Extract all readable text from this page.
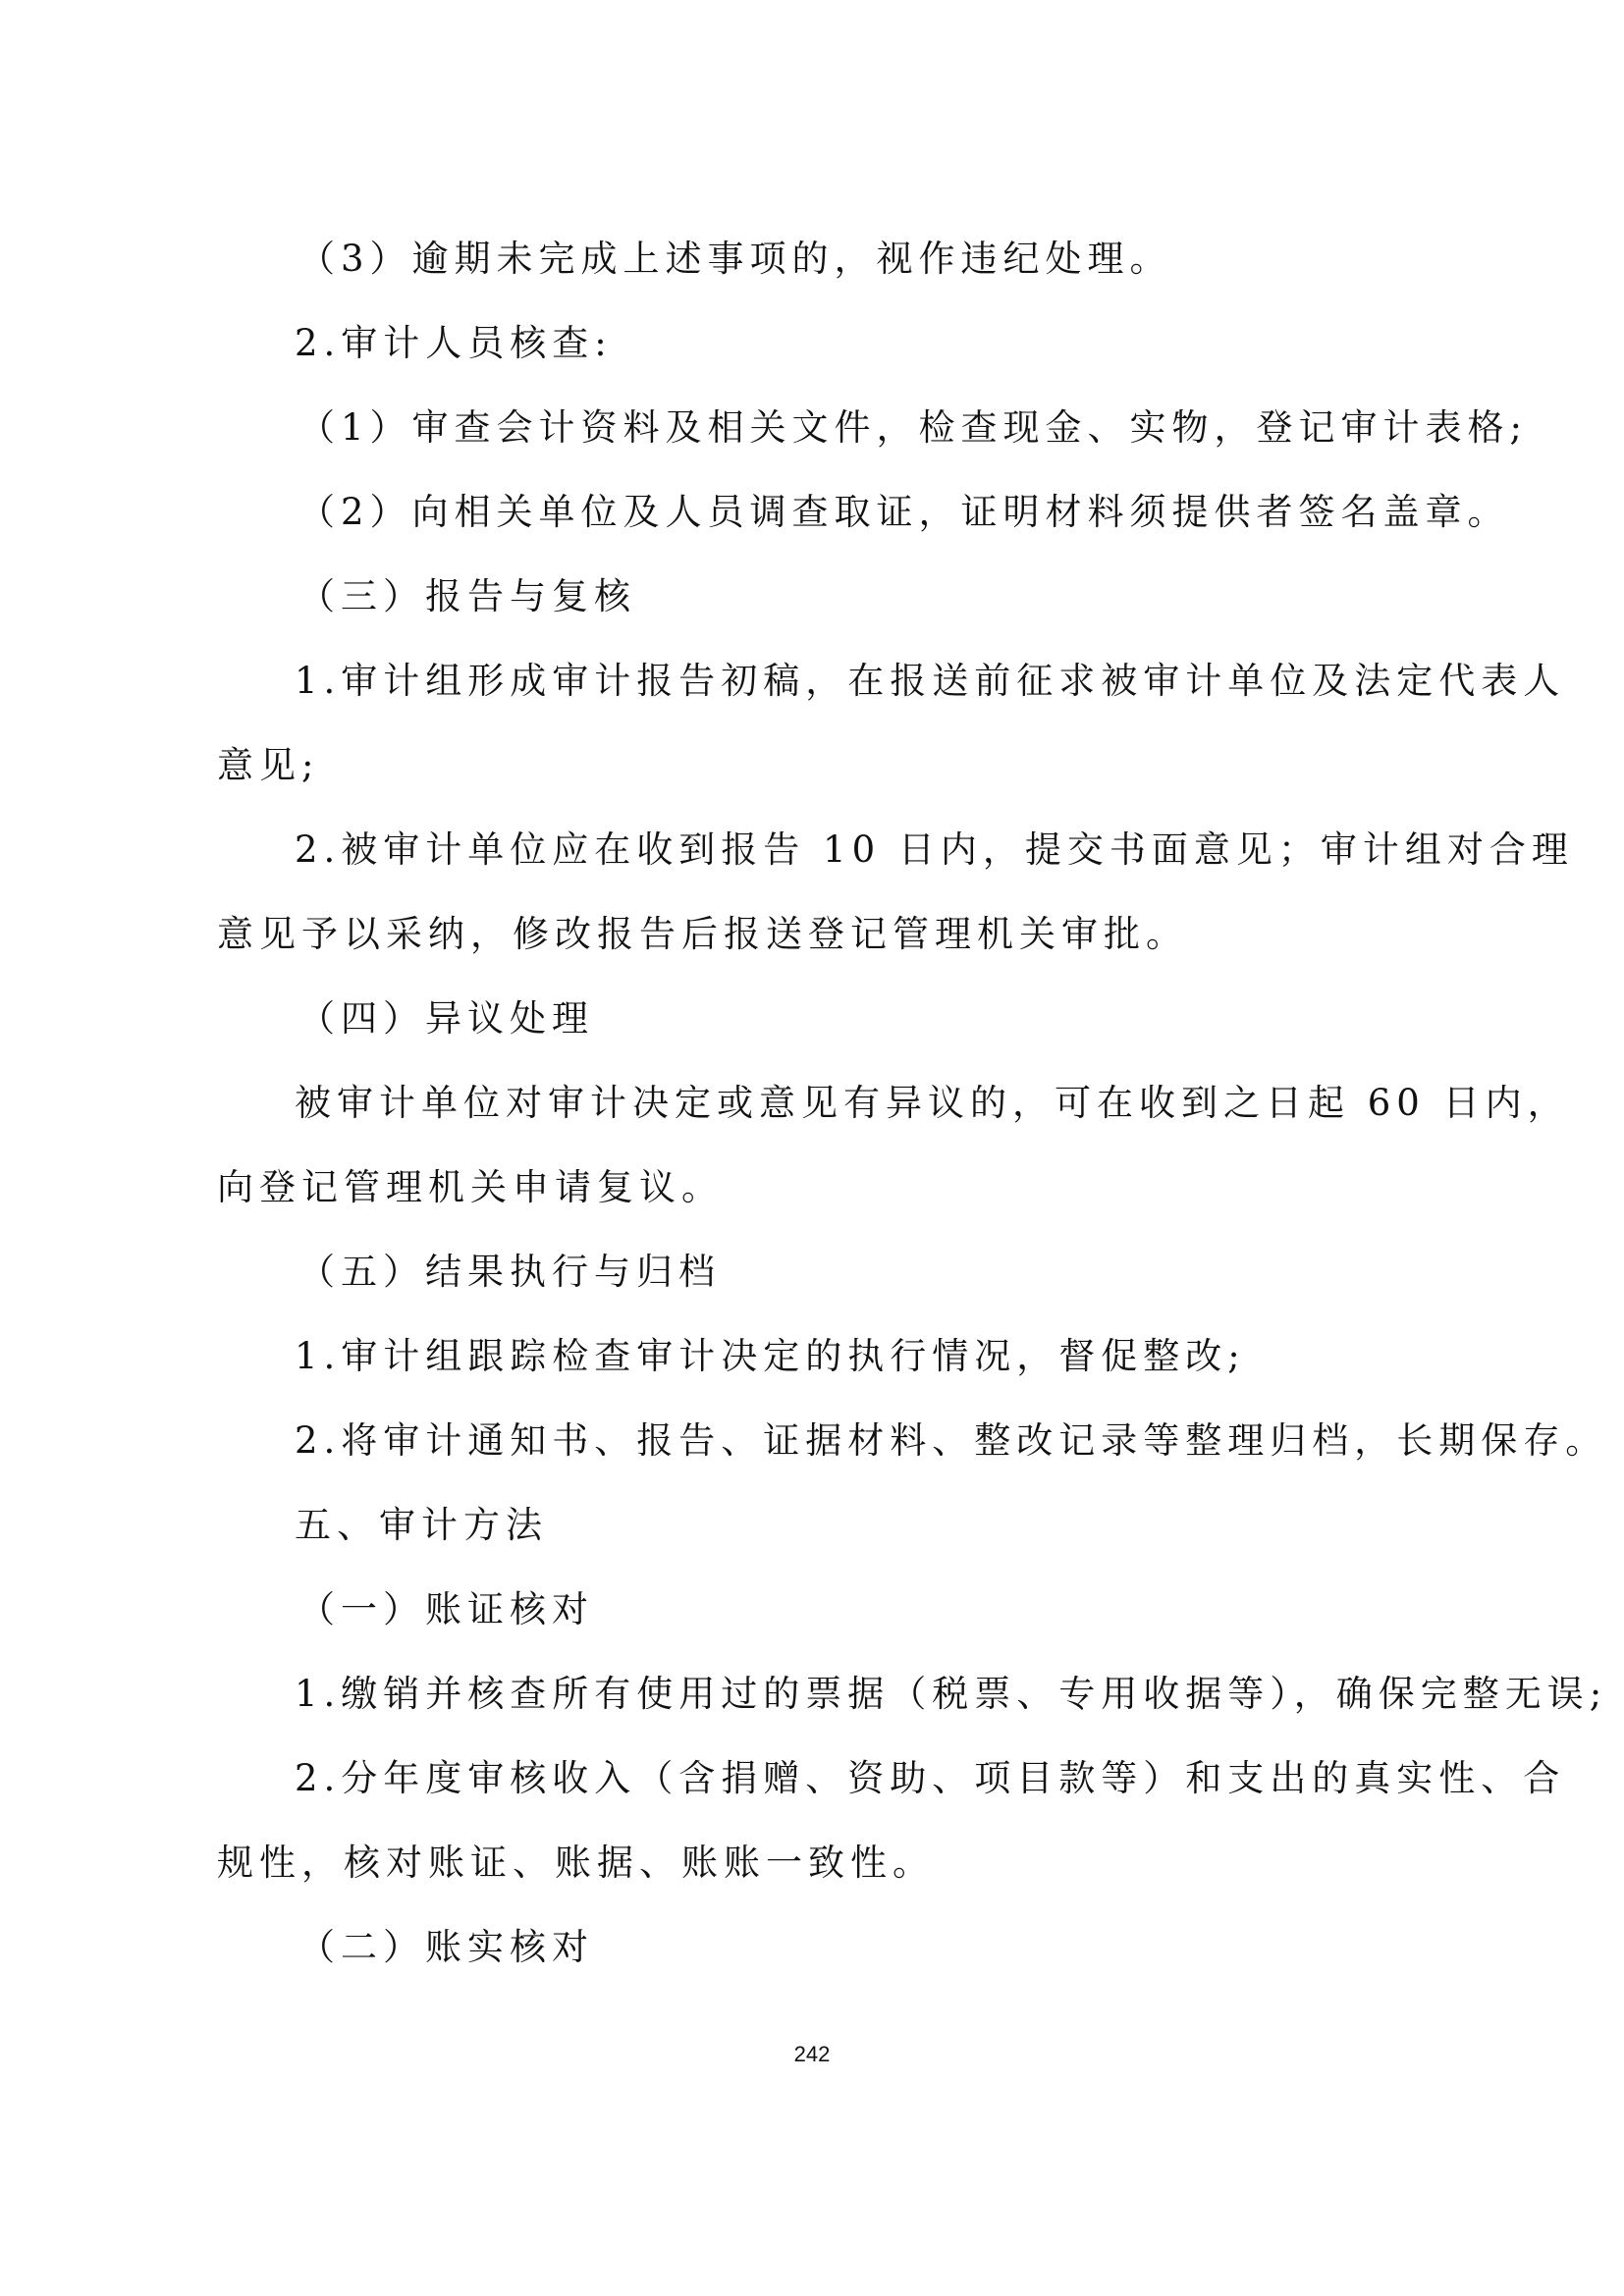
（3）逾期未完成上述事项的，视作违纪处理。
2.审计人员核查:
（1）审查会计资料及相关文件，检查现金、实物，登记审计表格;
（2）向相关单位及人员调查取证，证明材料须提供者签名盖章。
（三）报告与复核
1.审计组形成审计报告初稿，在报送前征求被审计单位及法定代表人
意见;
2.被审计单位应在收到报告 10 日内，提交书面意见；审计组对合理
意见予以采纳，修改报告后报送登记管理机关审批。
（四）异议处理
被审计单位对审计决定或意见有异议的，可在收到之日起 60 日内，
向登记管理机关申请复议。
（五）结果执行与归档
1.审计组跟踪检查审计决定的执行情况，督促整改;
2.将审计通知书、报告、证据材料、整改记录等整理归档，长期保存。
五、审计方法
（一）账证核对
1.缴销并核查所有使用过的票据（税票、专用收据等），确保完整无误;
2.分年度审核收入（含捐赠、资助、项目款等）和支出的真实性、合
规性，核对账证、账据、账账一致性。
（二）账实核对
242
